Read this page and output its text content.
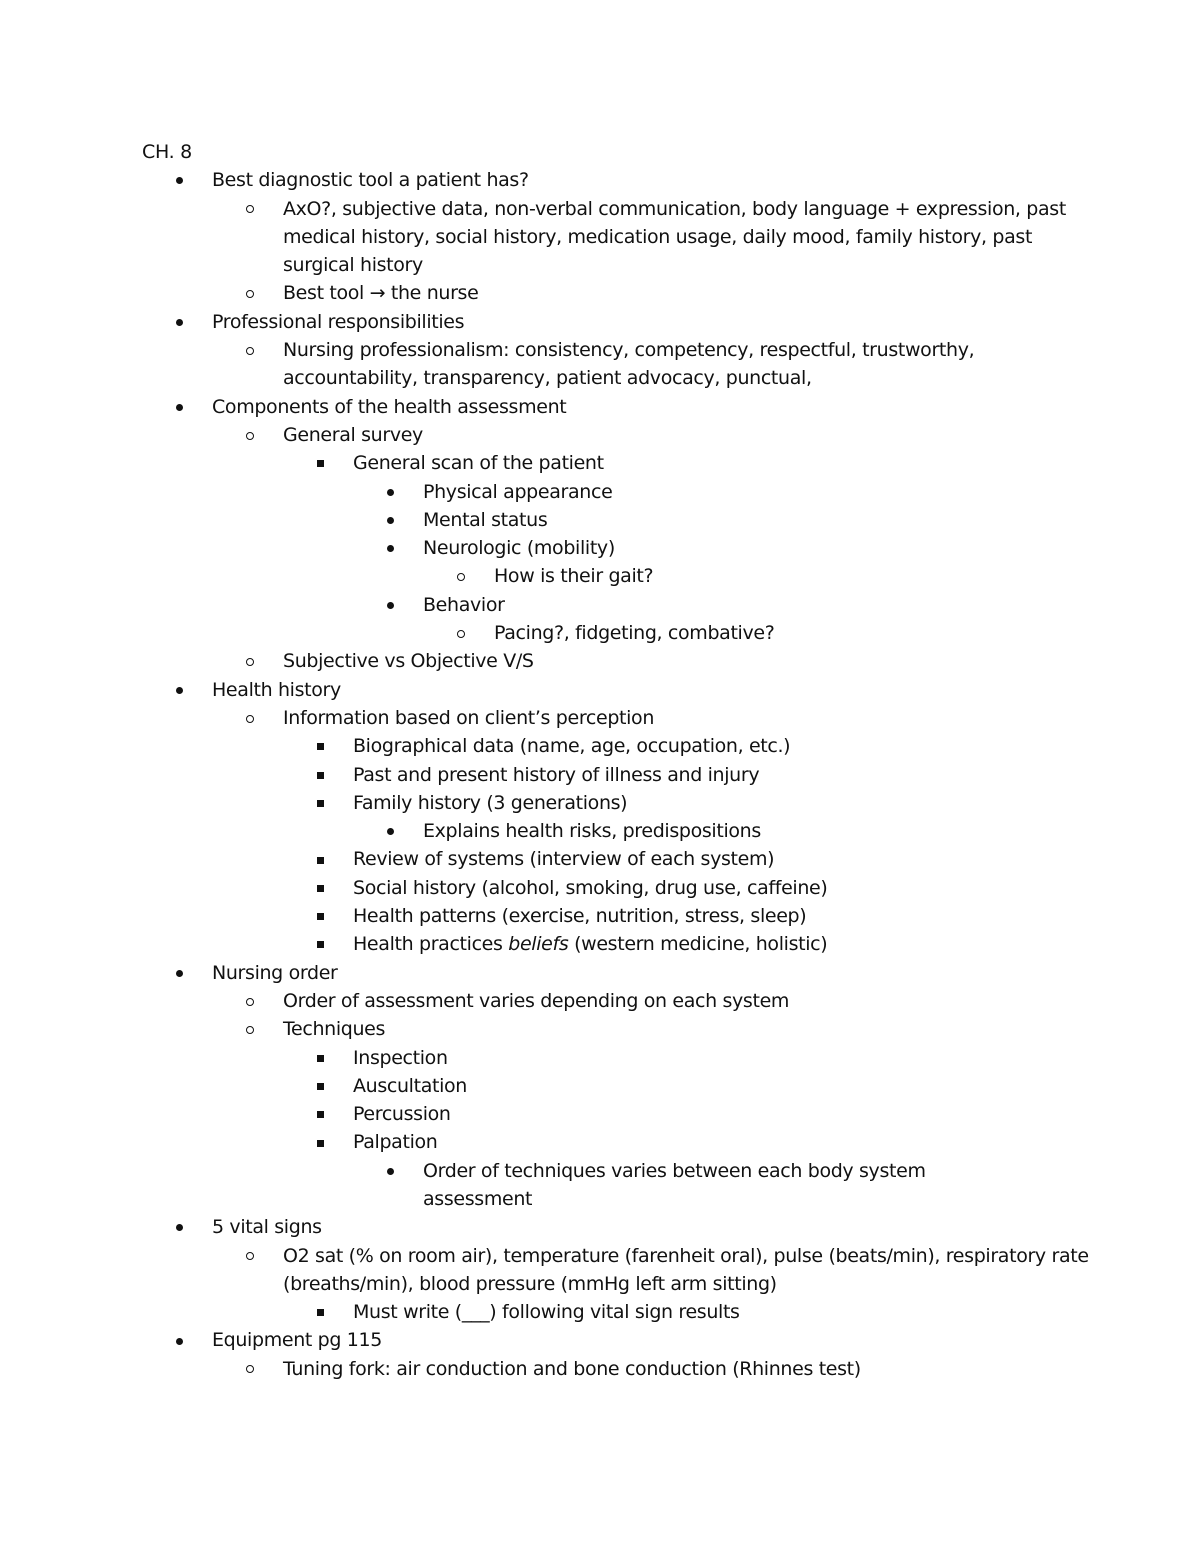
CH. 8
Best diagnostic tool a patient has?
AxO?, subjective data, non-verbal communication, body language + expression, past medical history, social history, medication usage, daily mood, family history, past surgical history
Best tool → the nurse
Professional responsibilities
Nursing professionalism: consistency, competency, respectful, trustworthy, accountability, transparency, patient advocacy, punctual,
Components of the health assessment
General survey
General scan of the patient
Physical appearance
Mental status
Neurologic (mobility)
How is their gait?
Behavior
Pacing?, fidgeting, combative?
Subjective vs Objective V/S
Health history
Information based on client’s perception
Biographical data (name, age, occupation, etc.)
Past and present history of illness and injury
Family history (3 generations)
Explains health risks, predispositions
Review of systems (interview of each system)
Social history (alcohol, smoking, drug use, caffeine)
Health patterns (exercise, nutrition, stress, sleep)
Health practices beliefs (western medicine, holistic)
Nursing order
Order of assessment varies depending on each system
Techniques
Inspection
Auscultation
Percussion
Palpation
Order of techniques varies between each body system assessment
5 vital signs
O2 sat (% on room air), temperature (farenheit oral), pulse (beats/min), respiratory rate (breaths/min), blood pressure (mmHg left arm sitting)
Must write (___) following vital sign results
Equipment pg 115
Tuning fork: air conduction and bone conduction (Rhinnes test)
